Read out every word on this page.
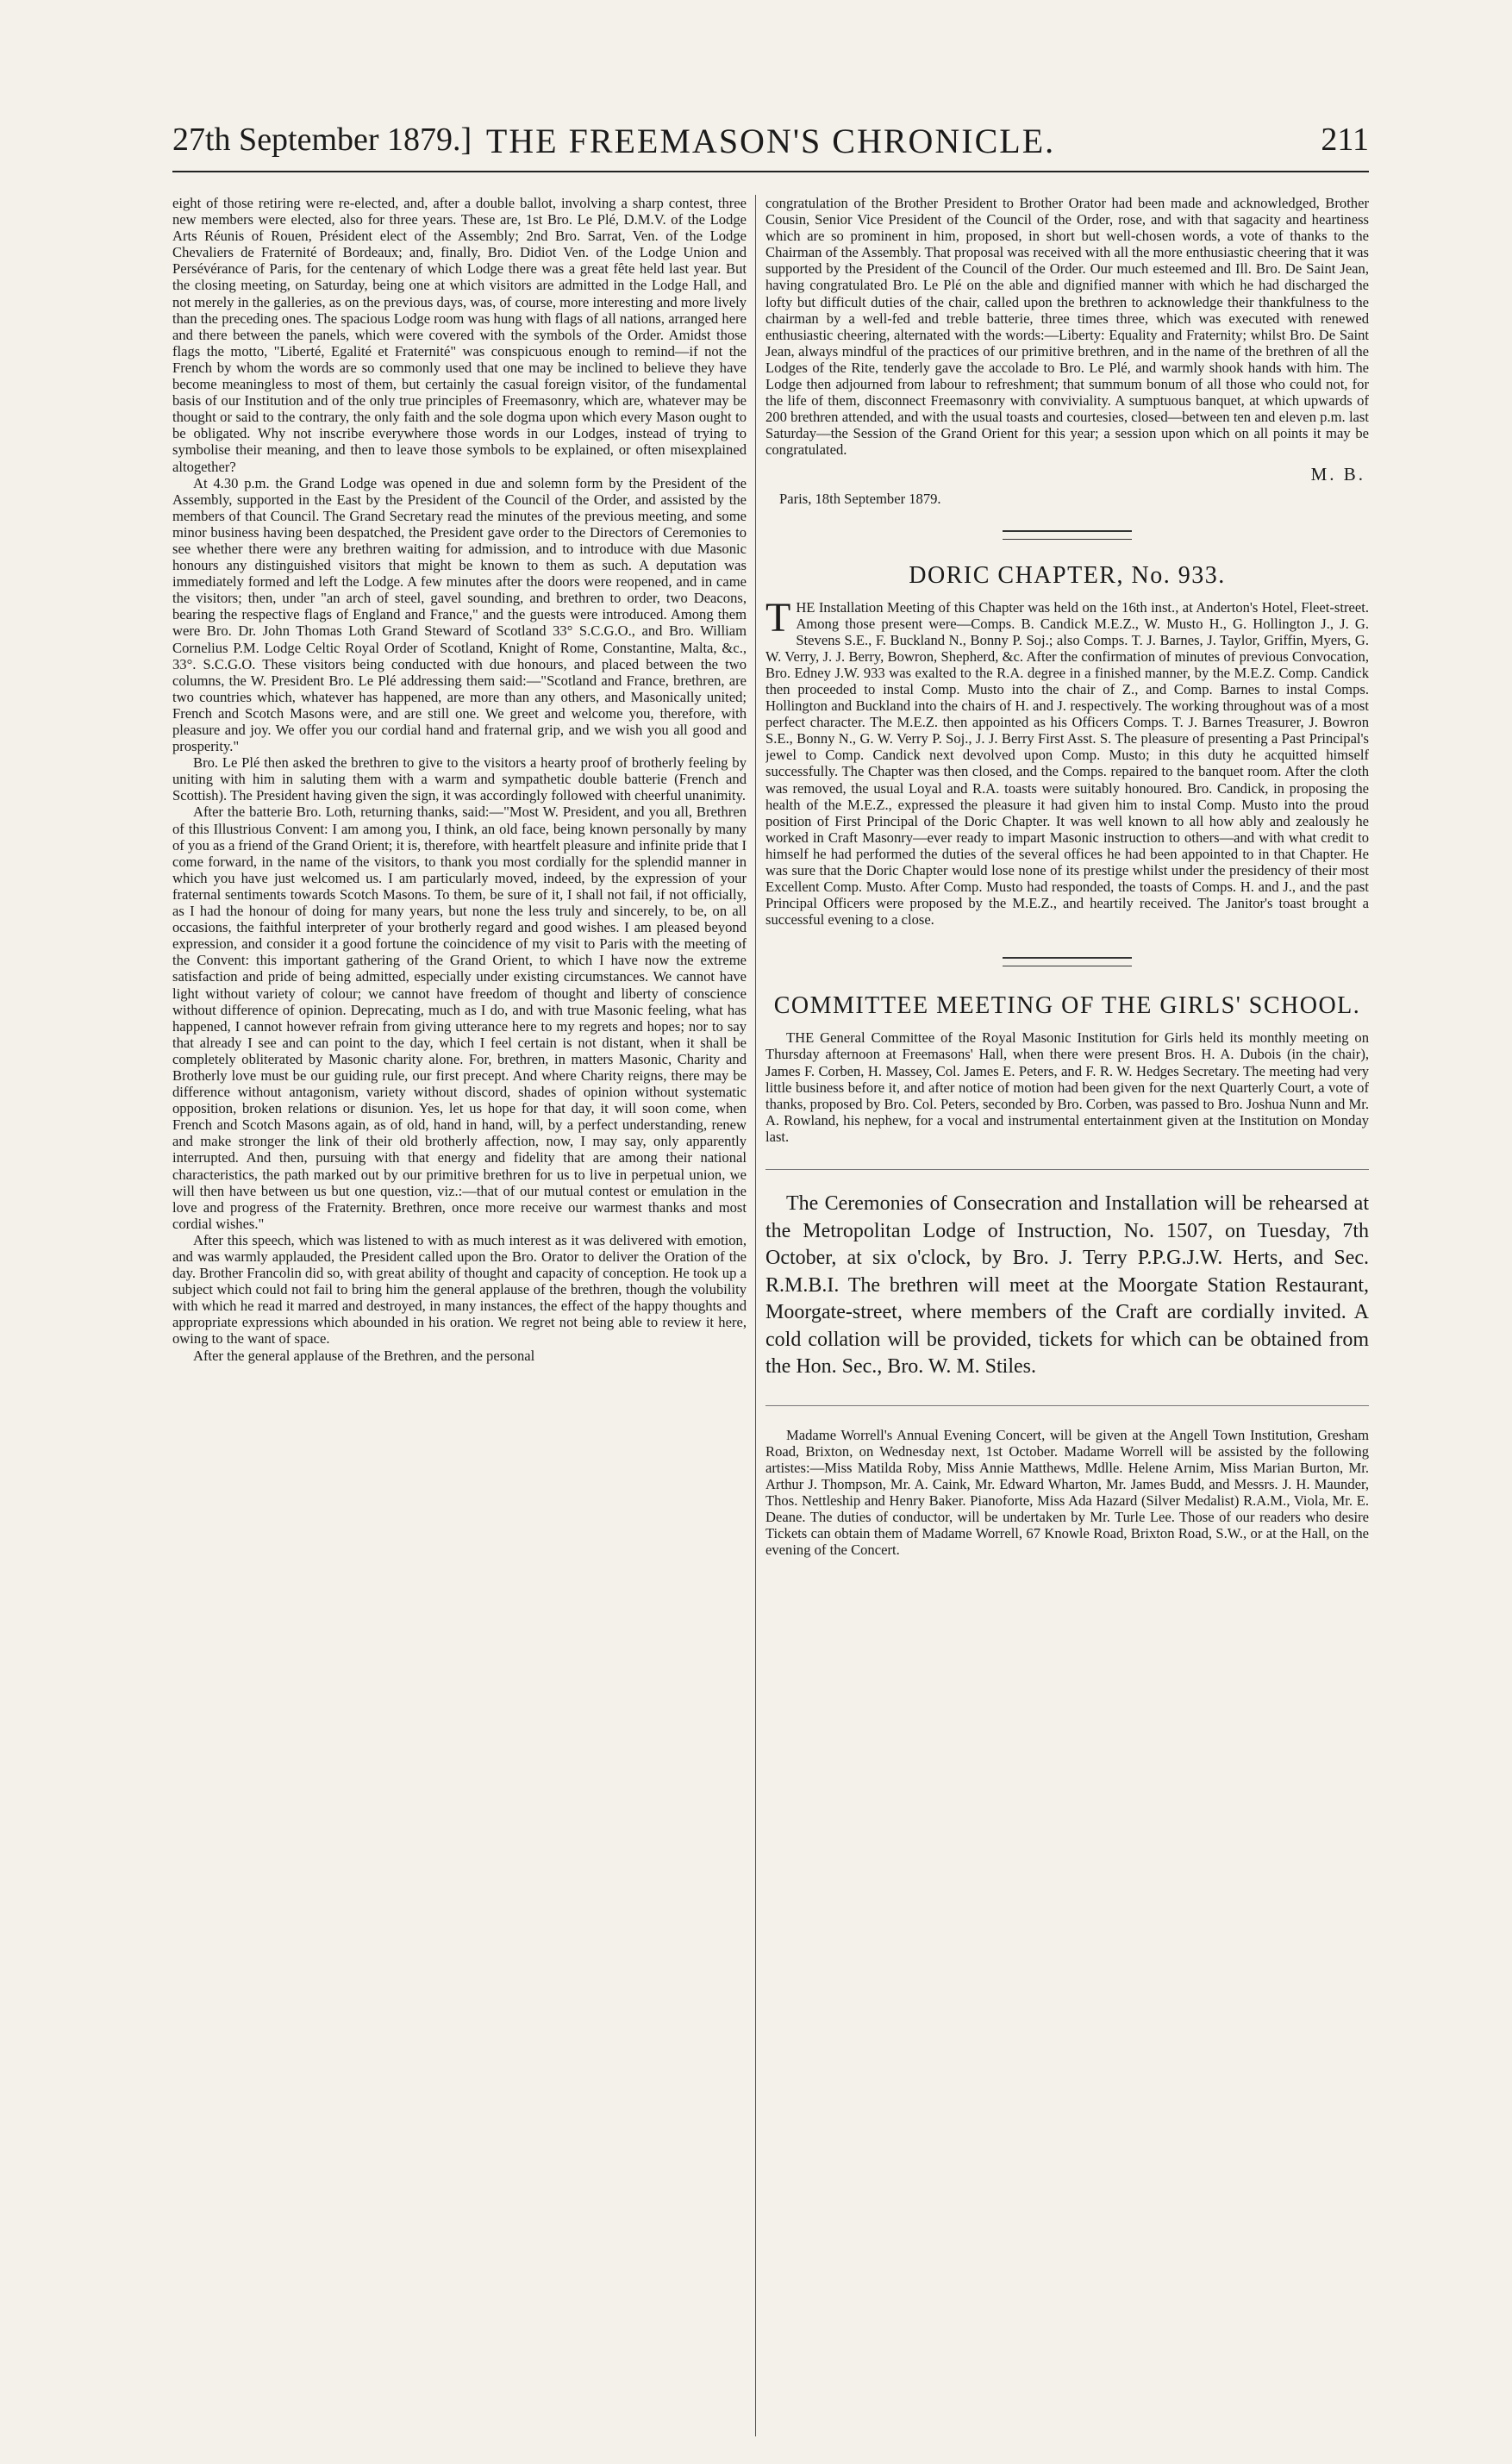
27th September 1879.] THE FREEMASON'S CHRONICLE.	211

eight of those retiring were re-elected, and, after a double ballot, involving a sharp contest, three new members were elected, also for three years. These are, 1st Bro. Le Plé, D.M.V. of the Lodge Arts Réunis of Rouen, Président elect of the Assembly; 2nd Bro. Sarrat, Ven. of the Lodge Chevaliers de Fraternité of Bordeaux; and, finally, Bro. Didiot Ven. of the Lodge Union and Persévérance of Paris, for the centenary of which Lodge there was a great fête held last year. But the closing meeting, on Saturday, being one at which visitors are admitted in the Lodge Hall, and not merely in the galleries, as on the previous days, was, of course, more interesting and more lively than the preceding ones. The spacious Lodge room was hung with flags of all nations, arranged here and there between the panels, which were covered with the symbols of the Order. Amidst those flags the motto, "Liberté, Egalité et Fraternité" was conspicuous enough to remind—if not the French by whom the words are so commonly used that one may be inclined to believe they have become meaningless to most of them, but certainly the casual foreign visitor, of the fundamental basis of our Institution and of the only true principles of Freemasonry, which are, whatever may be thought or said to the contrary, the only faith and the sole dogma upon which every Mason ought to be obligated. Why not inscribe everywhere those words in our Lodges, instead of trying to symbolise their meaning, and then to leave those symbols to be explained, or often misexplained altogether?

At 4.30 p.m. the Grand Lodge was opened in due and solemn form by the President of the Assembly, supported in the East by the President of the Council of the Order, and assisted by the members of that Council. The Grand Secretary read the minutes of the previous meeting, and some minor business having been despatched, the President gave order to the Directors of Ceremonies to see whether there were any brethren waiting for admission, and to introduce with due Masonic honours any distinguished visitors that might be known to them as such. A deputation was immediately formed and left the Lodge. A few minutes after the doors were reopened, and in came the visitors; then, under "an arch of steel, gavel sounding, and brethren to order, two Deacons, bearing the respective flags of England and France," and the guests were introduced. Among them were Bro. Dr. John Thomas Loth Grand Steward of Scotland 33° S.C.G.O., and Bro. William Cornelius P.M. Lodge Celtic Royal Order of Scotland, Knight of Rome, Constantine, Malta, &c., 33°. S.C.G.O. These visitors being conducted with due honours, and placed between the two columns, the W. President Bro. Le Plé addressing them said:—"Scotland and France, brethren, are two countries which, whatever has happened, are more than any others, and Masonically united; French and Scotch Masons were, and are still one. We greet and welcome you, therefore, with pleasure and joy. We offer you our cordial hand and fraternal grip, and we wish you all good and prosperity."

Bro. Le Plé then asked the brethren to give to the visitors a hearty proof of brotherly feeling by uniting with him in saluting them with a warm and sympathetic double batterie (French and Scottish). The President having given the sign, it was accordingly followed with cheerful unanimity.

After the batterie Bro. Loth, returning thanks, said:—"Most W. President, and you all, Brethren of this Illustrious Convent: I am among you, I think, an old face, being known personally by many of you as a friend of the Grand Orient; it is, therefore, with heartfelt pleasure and infinite pride that I come forward, in the name of the visitors, to thank you most cordially for the splendid manner in which you have just welcomed us. I am particularly moved, indeed, by the expression of your fraternal sentiments towards Scotch Masons. To them, be sure of it, I shall not fail, if not officially, as I had the honour of doing for many years, but none the less truly and sincerely, to be, on all occasions, the faithful interpreter of your brotherly regard and good wishes. I am pleased beyond expression, and consider it a good fortune the coincidence of my visit to Paris with the meeting of the Convent: this important gathering of the Grand Orient, to which I have now the extreme satisfaction and pride of being admitted, especially under existing circumstances. We cannot have light without variety of colour; we cannot have freedom of thought and liberty of conscience without difference of opinion. Deprecating, much as I do, and with true Masonic feeling, what has happened, I cannot however refrain from giving utterance here to my regrets and hopes; nor to say that already I see and can point to the day, which I feel certain is not distant, when it shall be completely obliterated by Masonic charity alone. For, brethren, in matters Masonic, Charity and Brotherly love must be our guiding rule, our first precept. And where Charity reigns, there may be difference without antagonism, variety without discord, shades of opinion without systematic opposition, broken relations or disunion. Yes, let us hope for that day, it will soon come, when French and Scotch Masons again, as of old, hand in hand, will, by a perfect understanding, renew and make stronger the link of their old brotherly affection, now, I may say, only apparently interrupted. And then, pursuing with that energy and fidelity that are among their national characteristics, the path marked out by our primitive brethren for us to live in perpetual union, we will then have between us but one question, viz.:—that of our mutual contest or emulation in the love and progress of the Fraternity. Brethren, once more receive our warmest thanks and most cordial wishes."

After this speech, which was listened to with as much interest as it was delivered with emotion, and was warmly applauded, the President called upon the Bro. Orator to deliver the Oration of the day. Brother Francolin did so, with great ability of thought and capacity of conception. He took up a subject which could not fail to bring him the general applause of the brethren, though the volubility with which he read it marred and destroyed, in many instances, the effect of the happy thoughts and appropriate expressions which abounded in his oration. We regret not being able to review it here, owing to the want of space.

After the general applause of the Brethren, and the personal

congratulation of the Brother President to Brother Orator had been made and acknowledged, Brother Cousin, Senior Vice President of the Council of the Order, rose, and with that sagacity and heartiness which are so prominent in him, proposed, in short but well-chosen words, a vote of thanks to the Chairman of the Assembly. That proposal was received with all the more enthusiastic cheering that it was supported by the President of the Council of the Order. Our much esteemed and Ill. Bro. De Saint Jean, having congratulated Bro. Le Plé on the able and dignified manner with which he had discharged the lofty but difficult duties of the chair, called upon the brethren to acknowledge their thankfulness to the chairman by a well-fed and treble batterie, three times three, which was executed with renewed enthusiastic cheering, alternated with the words:—Liberty: Equality and Fraternity; whilst Bro. De Saint Jean, always mindful of the practices of our primitive brethren, and in the name of the brethren of all the Lodges of the Rite, tenderly gave the accolade to Bro. Le Plé, and warmly shook hands with him. The Lodge then adjourned from labour to refreshment; that summum bonum of all those who could not, for the life of them, disconnect Freemasonry with conviviality. A sumptuous banquet, at which upwards of 200 brethren attended, and with the usual toasts and courtesies, closed—between ten and eleven p.m. last Saturday—the Session of the Grand Orient for this year; a session upon which on all points it may be congratulated.

M. B.
Paris, 18th September 1879.
DORIC CHAPTER, No. 933.

THE Installation Meeting of this Chapter was held on the 16th inst., at Anderton's Hotel, Fleet-street. Among those present were—Comps. B. Candick M.E.Z., W. Musto H., G. Hollington J., J. G. Stevens S.E., F. Buckland N., Bonny P. Soj.; also Comps. T. J. Barnes, J. Taylor, Griffin, Myers, G. W. Verry, J. J. Berry, Bowron, Shepherd, &c. After the confirmation of minutes of previous Convocation, Bro. Edney J.W. 933 was exalted to the R.A. degree in a finished manner, by the M.E.Z. Comp. Candick then proceeded to instal Comp. Musto into the chair of Z., and Comp. Barnes to instal Comps. Hollington and Buckland into the chairs of H. and J. respectively. The working throughout was of a most perfect character. The M.E.Z. then appointed as his Officers Comps. T. J. Barnes Treasurer, J. Bowron S.E., Bonny N., G. W. Verry P. Soj., J. J. Berry First Asst. S. The pleasure of presenting a Past Principal's jewel to Comp. Candick next devolved upon Comp. Musto; in this duty he acquitted himself successfully. The Chapter was then closed, and the Comps. repaired to the banquet room. After the cloth was removed, the usual Loyal and R.A. toasts were suitably honoured. Bro. Candick, in proposing the health of the M.E.Z., expressed the pleasure it had given him to instal Comp. Musto into the proud position of First Principal of the Doric Chapter. It was well known to all how ably and zealously he worked in Craft Masonry—ever ready to impart Masonic instruction to others—and with what credit to himself he had performed the duties of the several offices he had been appointed to in that Chapter. He was sure that the Doric Chapter would lose none of its prestige whilst under the presidency of their most Excellent Comp. Musto. After Comp. Musto had responded, the toasts of Comps. H. and J., and the past Principal Officers were proposed by the M.E.Z., and heartily received. The Janitor's toast brought a successful evening to a close.

COMMITTEE MEETING OF THE GIRLS' SCHOOL.

THE General Committee of the Royal Masonic Institution for Girls held its monthly meeting on Thursday afternoon at Freemasons' Hall, when there were present Bros. H. A. Dubois (in the chair), James F. Corben, H. Massey, Col. James E. Peters, and F. R. W. Hedges Secretary. The meeting had very little business before it, and after notice of motion had been given for the next Quarterly Court, a vote of thanks, proposed by Bro. Col. Peters, seconded by Bro. Corben, was passed to Bro. Joshua Nunn and Mr. A. Rowland, his nephew, for a vocal and instrumental entertainment given at the Institution on Monday last.

The Ceremonies of Consecration and Installation will be rehearsed at the Metropolitan Lodge of Instruction, No. 1507, on Tuesday, 7th October, at six o'clock, by Bro. J. Terry P.P.G.J.W. Herts, and Sec. R.M.B.I. The brethren will meet at the Moorgate Station Restaurant, Moorgate-street, where members of the Craft are cordially invited. A cold collation will be provided, tickets for which can be obtained from the Hon. Sec., Bro. W. M. Stiles.

Madame Worrell's Annual Evening Concert, will be given at the Angell Town Institution, Gresham Road, Brixton, on Wednesday next, 1st October. Madame Worrell will be assisted by the following artistes:—Miss Matilda Roby, Miss Annie Matthews, Mdlle. Helene Arnim, Miss Marian Burton, Mr. Arthur J. Thompson, Mr. A. Caink, Mr. Edward Wharton, Mr. James Budd, and Messrs. J. H. Maunder, Thos. Nettleship and Henry Baker. Pianoforte, Miss Ada Hazard (Silver Medalist) R.A.M., Viola, Mr. E. Deane. The duties of conductor, will be undertaken by Mr. Turle Lee. Those of our readers who desire Tickets can obtain them of Madame Worrell, 67 Knowle Road, Brixton Road, S.W., or at the Hall, on the evening of the Concert.
